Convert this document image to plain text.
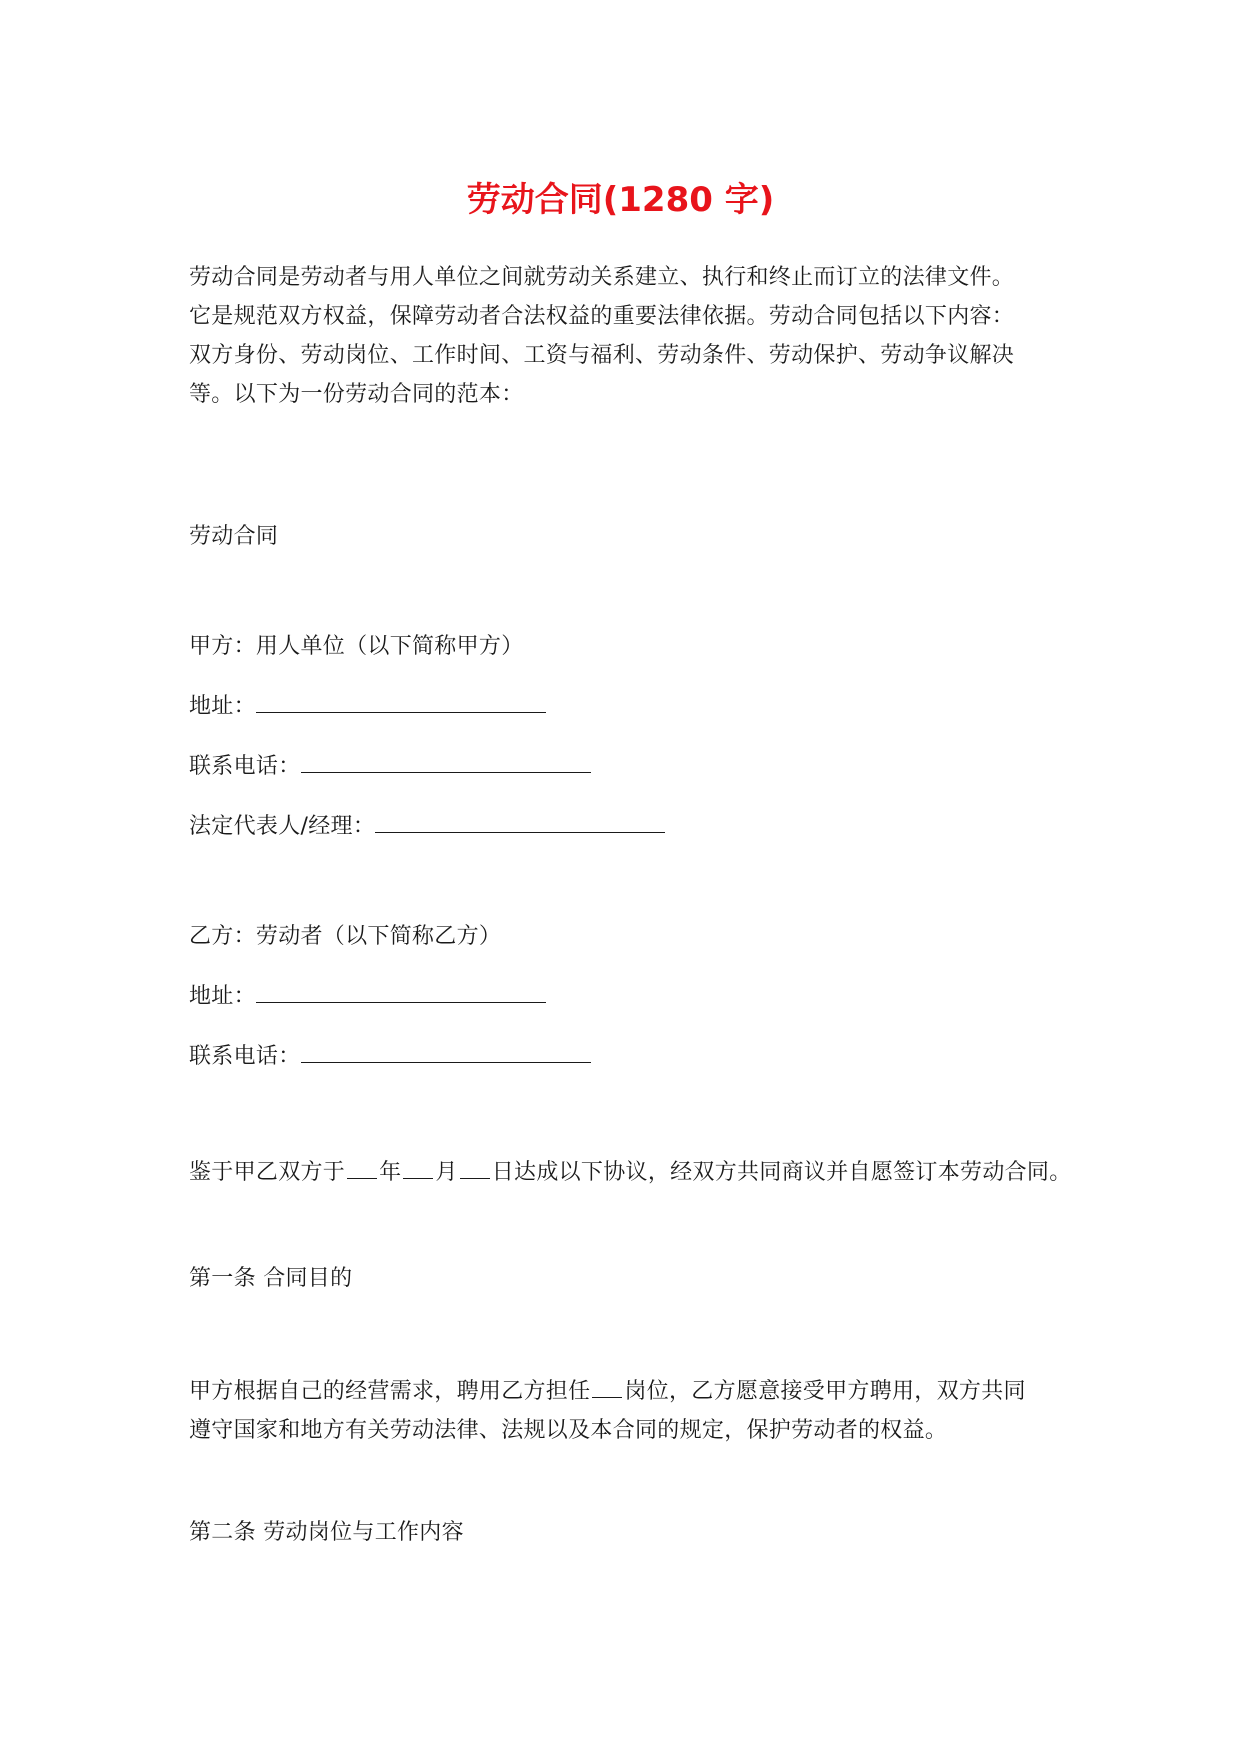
劳动合同(1280 字)
劳动合同是劳动者与用人单位之间就劳动关系建立、执行和终止而订立的法律文件。
它是规范双方权益，保障劳动者合法权益的重要法律依据。劳动合同包括以下内容：
双方身份、劳动岗位、工作时间、工资与福利、劳动条件、劳动保护、劳动争议解决
等。以下为一份劳动合同的范本：
劳动合同
甲方：用人单位（以下简称甲方）
地址：
联系电话：
法定代表人/经理：
乙方：劳动者（以下简称乙方）
地址：
联系电话：
鉴于甲乙双方于 年 月 日达成以下协议，经双方共同商议并自愿签订本劳动合同。
第一条 合同目的
甲方根据自己的经营需求，聘用乙方担任 岗位，乙方愿意接受甲方聘用，双方共同
遵守国家和地方有关劳动法律、法规以及本合同的规定，保护劳动者的权益。
第二条 劳动岗位与工作内容
